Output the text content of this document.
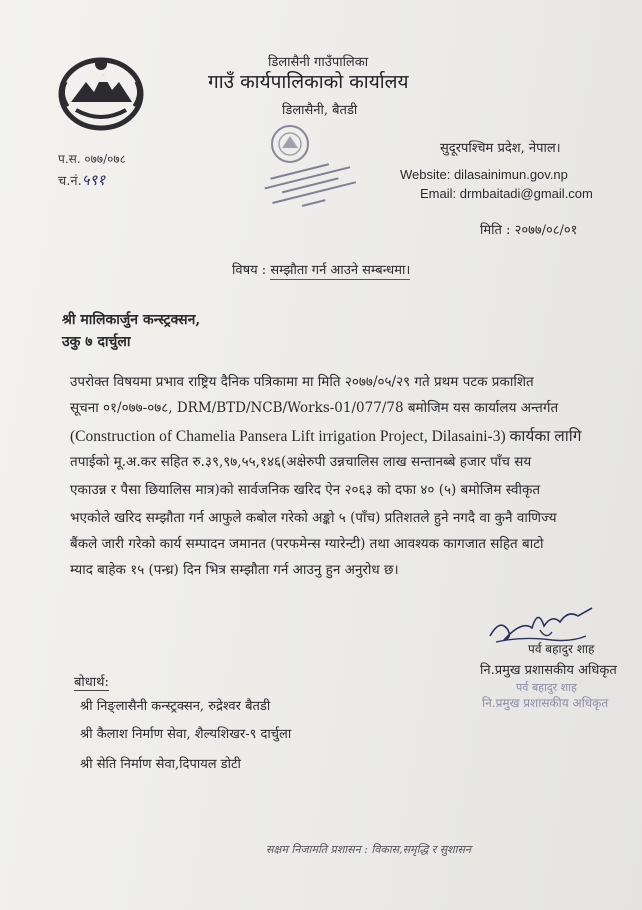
डिलासैनी गाउँपालिका
गाउँ कार्यपालिकाको कार्यालय
डिलासैनी, बैतडी
प.स. ०७७/०७८
च.नं.५९१
सुदूरपश्चिम प्रदेश, नेपाल।
Website: dilasainimun.gov.np
Email: drmbaitadi@gmail.com
मिति : २०७७/०८/०१
विषय : सम्झौता गर्न आउने सम्बन्धमा।
श्री मालिकार्जुन कन्स्ट्रक्सन,
उकु ७ दार्चुला
उपरोक्त विषयमा प्रभाव राष्ट्रिय दैनिक पत्रिकामा मा मिति २०७७/०५/२९ गते प्रथम पटक प्रकाशित
सूचना ०१/०७७-०७८, DRM/BTD/NCB/Works-01/077/78 बमोजिम यस कार्यालय अन्तर्गत
(Construction of Chamelia Pansera Lift irrigation Project, Dilasaini-3) कार्यका लागि
तपाईको मू.अ.कर सहित रु.३९,९७,५५,१४६(अक्षेरुपी उन्नचालिस लाख सन्तानब्बे हजार पाँच सय
एकाउन्न र पैसा छियालिस मात्र)को सार्वजनिक खरिद ऐन २०६३ को दफा ४० (५) बमोजिम स्वीकृत
भएकोले खरिद सम्झौता गर्न आफुले कबोल गरेको अङ्को ५ (पाँच) प्रतिशतले हुने नगदै वा कुनै वाणिज्य
बैंकले जारी गरेको कार्य सम्पादन जमानत (परफमेन्स ग्यारेन्टी) तथा आवश्यक कागजात सहित बाटो
म्याद बाहेक १५ (पन्ध्र) दिन भित्र सम्झौता गर्न आउनु हुन अनुरोध छ।
पर्व बहादुर शाह
नि.प्रमुख प्रशासकीय अधिकृत
पर्व बहादुर शाह
नि.प्रमुख प्रशासकीय अधिकृत
बोधार्थ:
श्री निङ्लासैनी कन्स्ट्रक्सन, रुद्रेश्वर बैतडी
श्री कैलाश निर्माण सेवा, शैल्यशिखर-९ दार्चुला
श्री सेति निर्माण सेवा,दिपायल डोटी
सक्षम निजामति प्रशासन : विकास,समृद्धि र सुशासन
